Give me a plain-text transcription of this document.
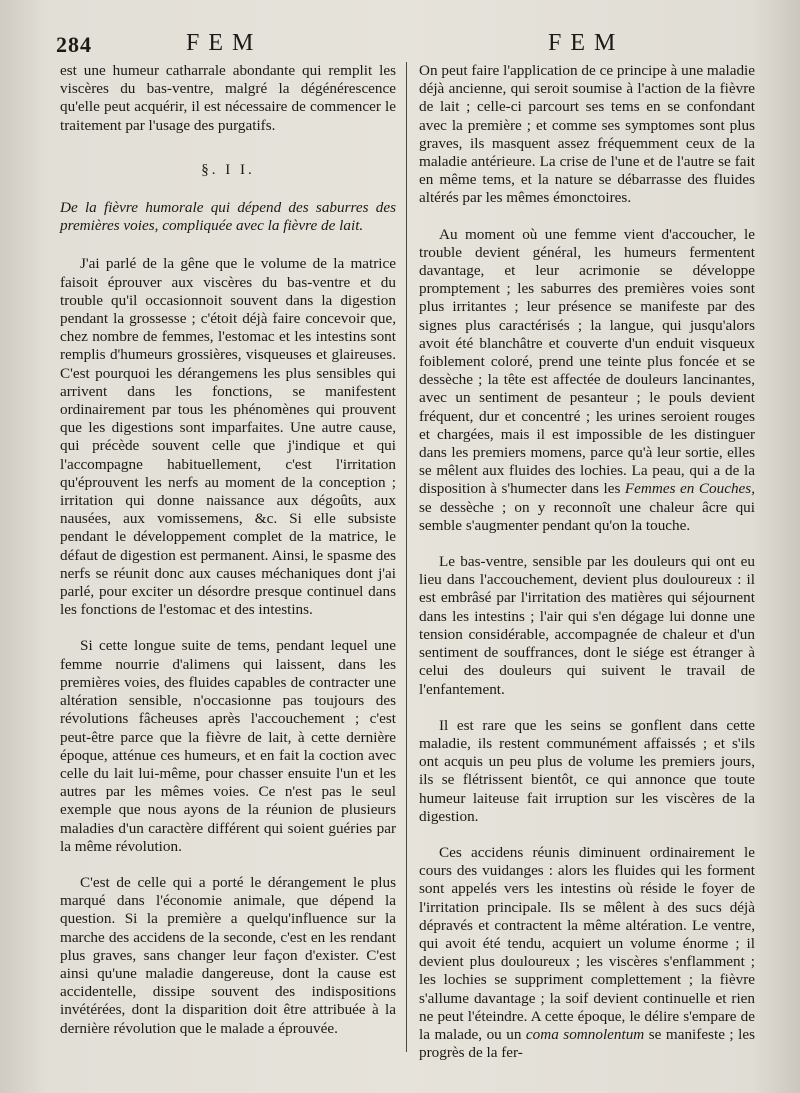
284	FEM	FEM

est une humeur catharrale abondante qui remplit les viscères du bas-ventre, malgré la dégénérescence qu'elle peut acquérir, il est nécessaire de commencer le traitement par l'usage des purgatifs.

§. I I.
De la fièvre humorale qui dépend des saburres des premières voies, compliquée avec la fièvre de lait.

J'ai parlé de la gêne que le volume de la matrice faisoit éprouver aux viscères du bas-ventre et du trouble qu'il occasionnoit souvent dans la digestion pendant la grossesse ; c'étoit déjà faire concevoir que, chez nombre de femmes, l'estomac et les intestins sont remplis d'humeurs grossières, visqueuses et glaireuses. C'est pourquoi les dérangemens les plus sensibles qui arrivent dans les fonctions, se manifestent ordinairement par tous les phénomènes qui prouvent que les digestions sont imparfaites. Une autre cause, qui précède souvent celle que j'indique et qui l'accompagne habituellement, c'est l'irritation qu'éprouvent les nerfs au moment de la conception ; irritation qui donne naissance aux dégoûts, aux nausées, aux vomissemens, &c. Si elle subsiste pendant le développement complet de la matrice, le défaut de digestion est permanent. Ainsi, le spasme des nerfs se réunit donc aux causes méchaniques dont j'ai parlé, pour exciter un désordre presque continuel dans les fonctions de l'estomac et des intestins.

Si cette longue suite de tems, pendant lequel une femme nourrie d'alimens qui laissent, dans les premières voies, des fluides capables de contracter une altération sensible, n'occasionne pas toujours des révolutions fâcheuses après l'accouchement ; c'est peut-être parce que la fièvre de lait, à cette dernière époque, atténue ces humeurs, et en fait la coction avec celle du lait lui-même, pour chasser ensuite l'un et les autres par les mêmes voies. Ce n'est pas le seul exemple que nous ayons de la réunion de plusieurs maladies d'un caractère différent qui soient guéries par la même révolution.

C'est de celle qui a porté le dérangement le plus marqué dans l'économie animale, que dépend la question. Si la première a quelqu'influence sur la marche des accidens de la seconde, c'est en les rendant plus graves, sans changer leur façon d'exister. C'est ainsi qu'une maladie dangereuse, dont la cause est accidentelle, dissipe souvent des indispositions invétérées, dont la disparition doit être attribuée à la dernière révolution que le malade a éprouvée.

On peut faire l'application de ce principe à une maladie déjà ancienne, qui seroit soumise à l'action de la fièvre de lait ; celle-ci parcourt ses tems en se confondant avec la première ; et comme ses symptomes sont plus graves, ils masquent assez fréquemment ceux de la maladie antérieure. La crise de l'une et de l'autre se fait en même tems, et la nature se débarrasse des fluides altérés par les mêmes émonctoires.

Au moment où une femme vient d'accoucher, le trouble devient général, les humeurs fermentent davantage, et leur acrimonie se développe promptement ; les saburres des premières voies sont plus irritantes ; leur présence se manifeste par des signes plus caractérisés ; la langue, qui jusqu'alors avoit été blanchâtre et couverte d'un enduit visqueux foiblement coloré, prend une teinte plus foncée et se dessèche ; la tête est affectée de douleurs lancinantes, avec un sentiment de pesanteur ; le pouls devient fréquent, dur et concentré ; les urines seroient rouges et chargées, mais il est impossible de les distinguer dans les premiers momens, parce qu'à leur sortie, elles se mêlent aux fluides des lochies. La peau, qui a de la disposition à s'humecter dans les Femmes en Couches, se dessèche ; on y reconnoît une chaleur âcre qui semble s'augmenter pendant qu'on la touche.

Le bas-ventre, sensible par les douleurs qui ont eu lieu dans l'accouchement, devient plus douloureux : il est embrâsé par l'irritation des matières qui séjournent dans les intestins ; l'air qui s'en dégage lui donne une tension considérable, accompagnée de chaleur et d'un sentiment de souffrances, dont le siége est étranger à celui des douleurs qui suivent le travail de l'enfantement.

Il est rare que les seins se gonflent dans cette maladie, ils restent communément affaissés ; et s'ils ont acquis un peu plus de volume les premiers jours, ils se flétrissent bientôt, ce qui annonce que toute humeur laiteuse fait irruption sur les viscères de la digestion.

Ces accidens réunis diminuent ordinairement le cours des vuidanges : alors les fluides qui les forment sont appelés vers les intestins où réside le foyer de l'irritation principale. Ils se mêlent à des sucs déjà dépravés et contractent la même altération. Le ventre, qui avoit été tendu, acquiert un volume énorme ; il devient plus douloureux ; les viscères s'enflamment ; les lochies se suppriment complettement ; la fièvre s'allume davantage ; la soif devient continuelle et rien ne peut l'éteindre. A cette époque, le délire s'empare de la malade, ou un coma somnolentum se manifeste ; les progrès de la fer-
